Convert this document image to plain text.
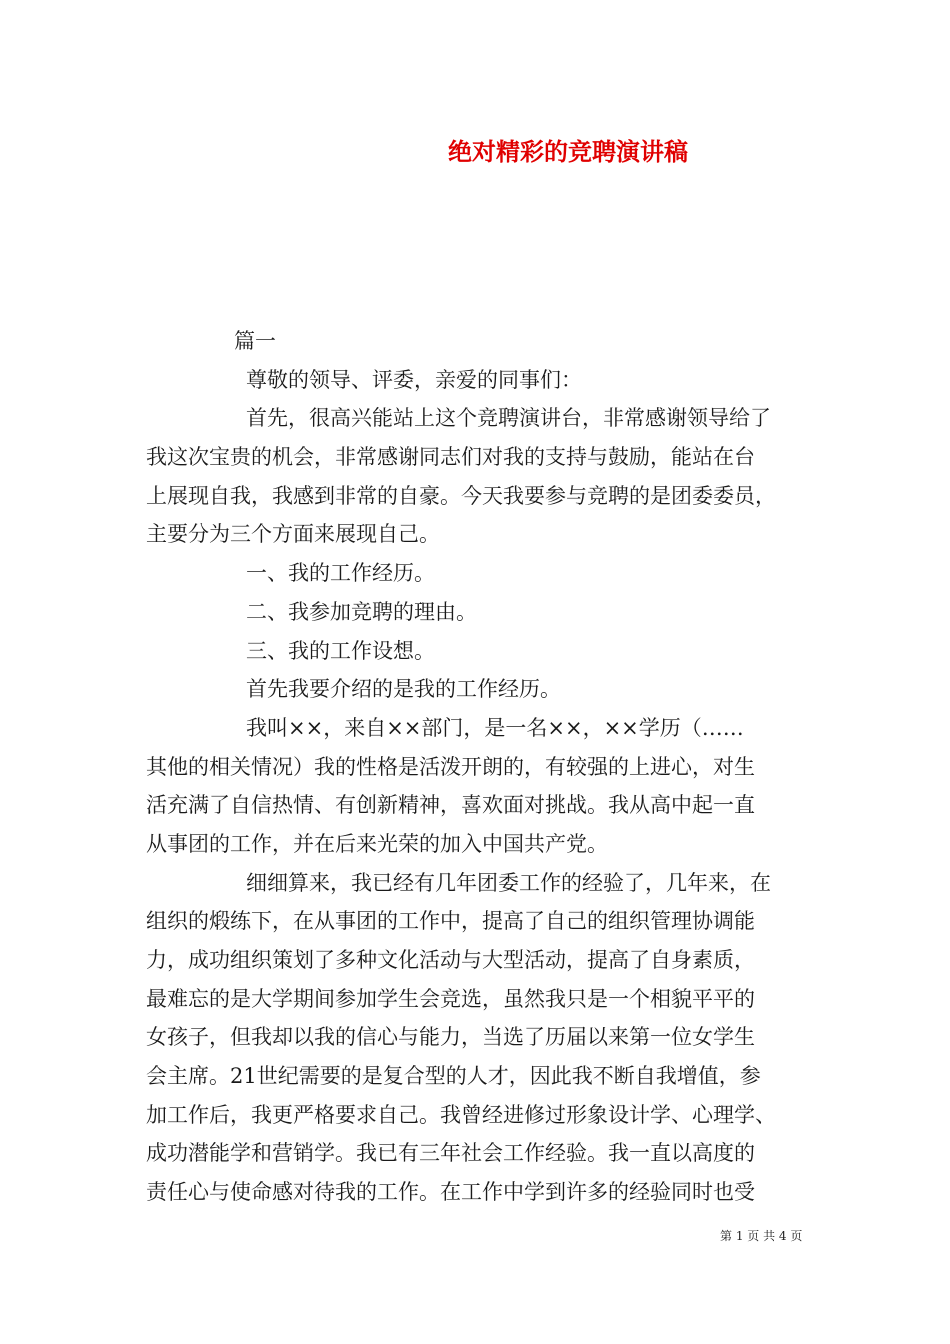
绝对精彩的竞聘演讲稿
篇一
尊敬的领导、评委，亲爱的同事们：
首先，很高兴能站上这个竞聘演讲台，非常感谢领导给了
我这次宝贵的机会，非常感谢同志们对我的支持与鼓励，能站在台
上展现自我，我感到非常的自豪。今天我要参与竞聘的是团委委员，
主要分为三个方面来展现自己。
一、我的工作经历。
二、我参加竞聘的理由。
三、我的工作设想。
首先我要介绍的是我的工作经历。
我叫××，来自××部门，是一名××，××学历（……
其他的相关情况）我的性格是活泼开朗的，有较强的上进心，对生
活充满了自信热情、有创新精神，喜欢面对挑战。我从高中起一直
从事团的工作，并在后来光荣的加入中国共产党。
细细算来，我已经有几年团委工作的经验了，几年来，在
组织的煅练下，在从事团的工作中，提高了自己的组织管理协调能
力，成功组织策划了多种文化活动与大型活动，提高了自身素质，
最难忘的是大学期间参加学生会竞选，虽然我只是一个相貌平平的
女孩子，但我却以我的信心与能力，当选了历届以来第一位女学生
会主席。21世纪需要的是复合型的人才，因此我不断自我增值，参
加工作后，我更严格要求自己。我曾经进修过形象设计学、心理学、
成功潜能学和营销学。我已有三年社会工作经验。我一直以高度的
责任心与使命感对待我的工作。在工作中学到许多的经验同时也受
第 1 页 共 4 页
